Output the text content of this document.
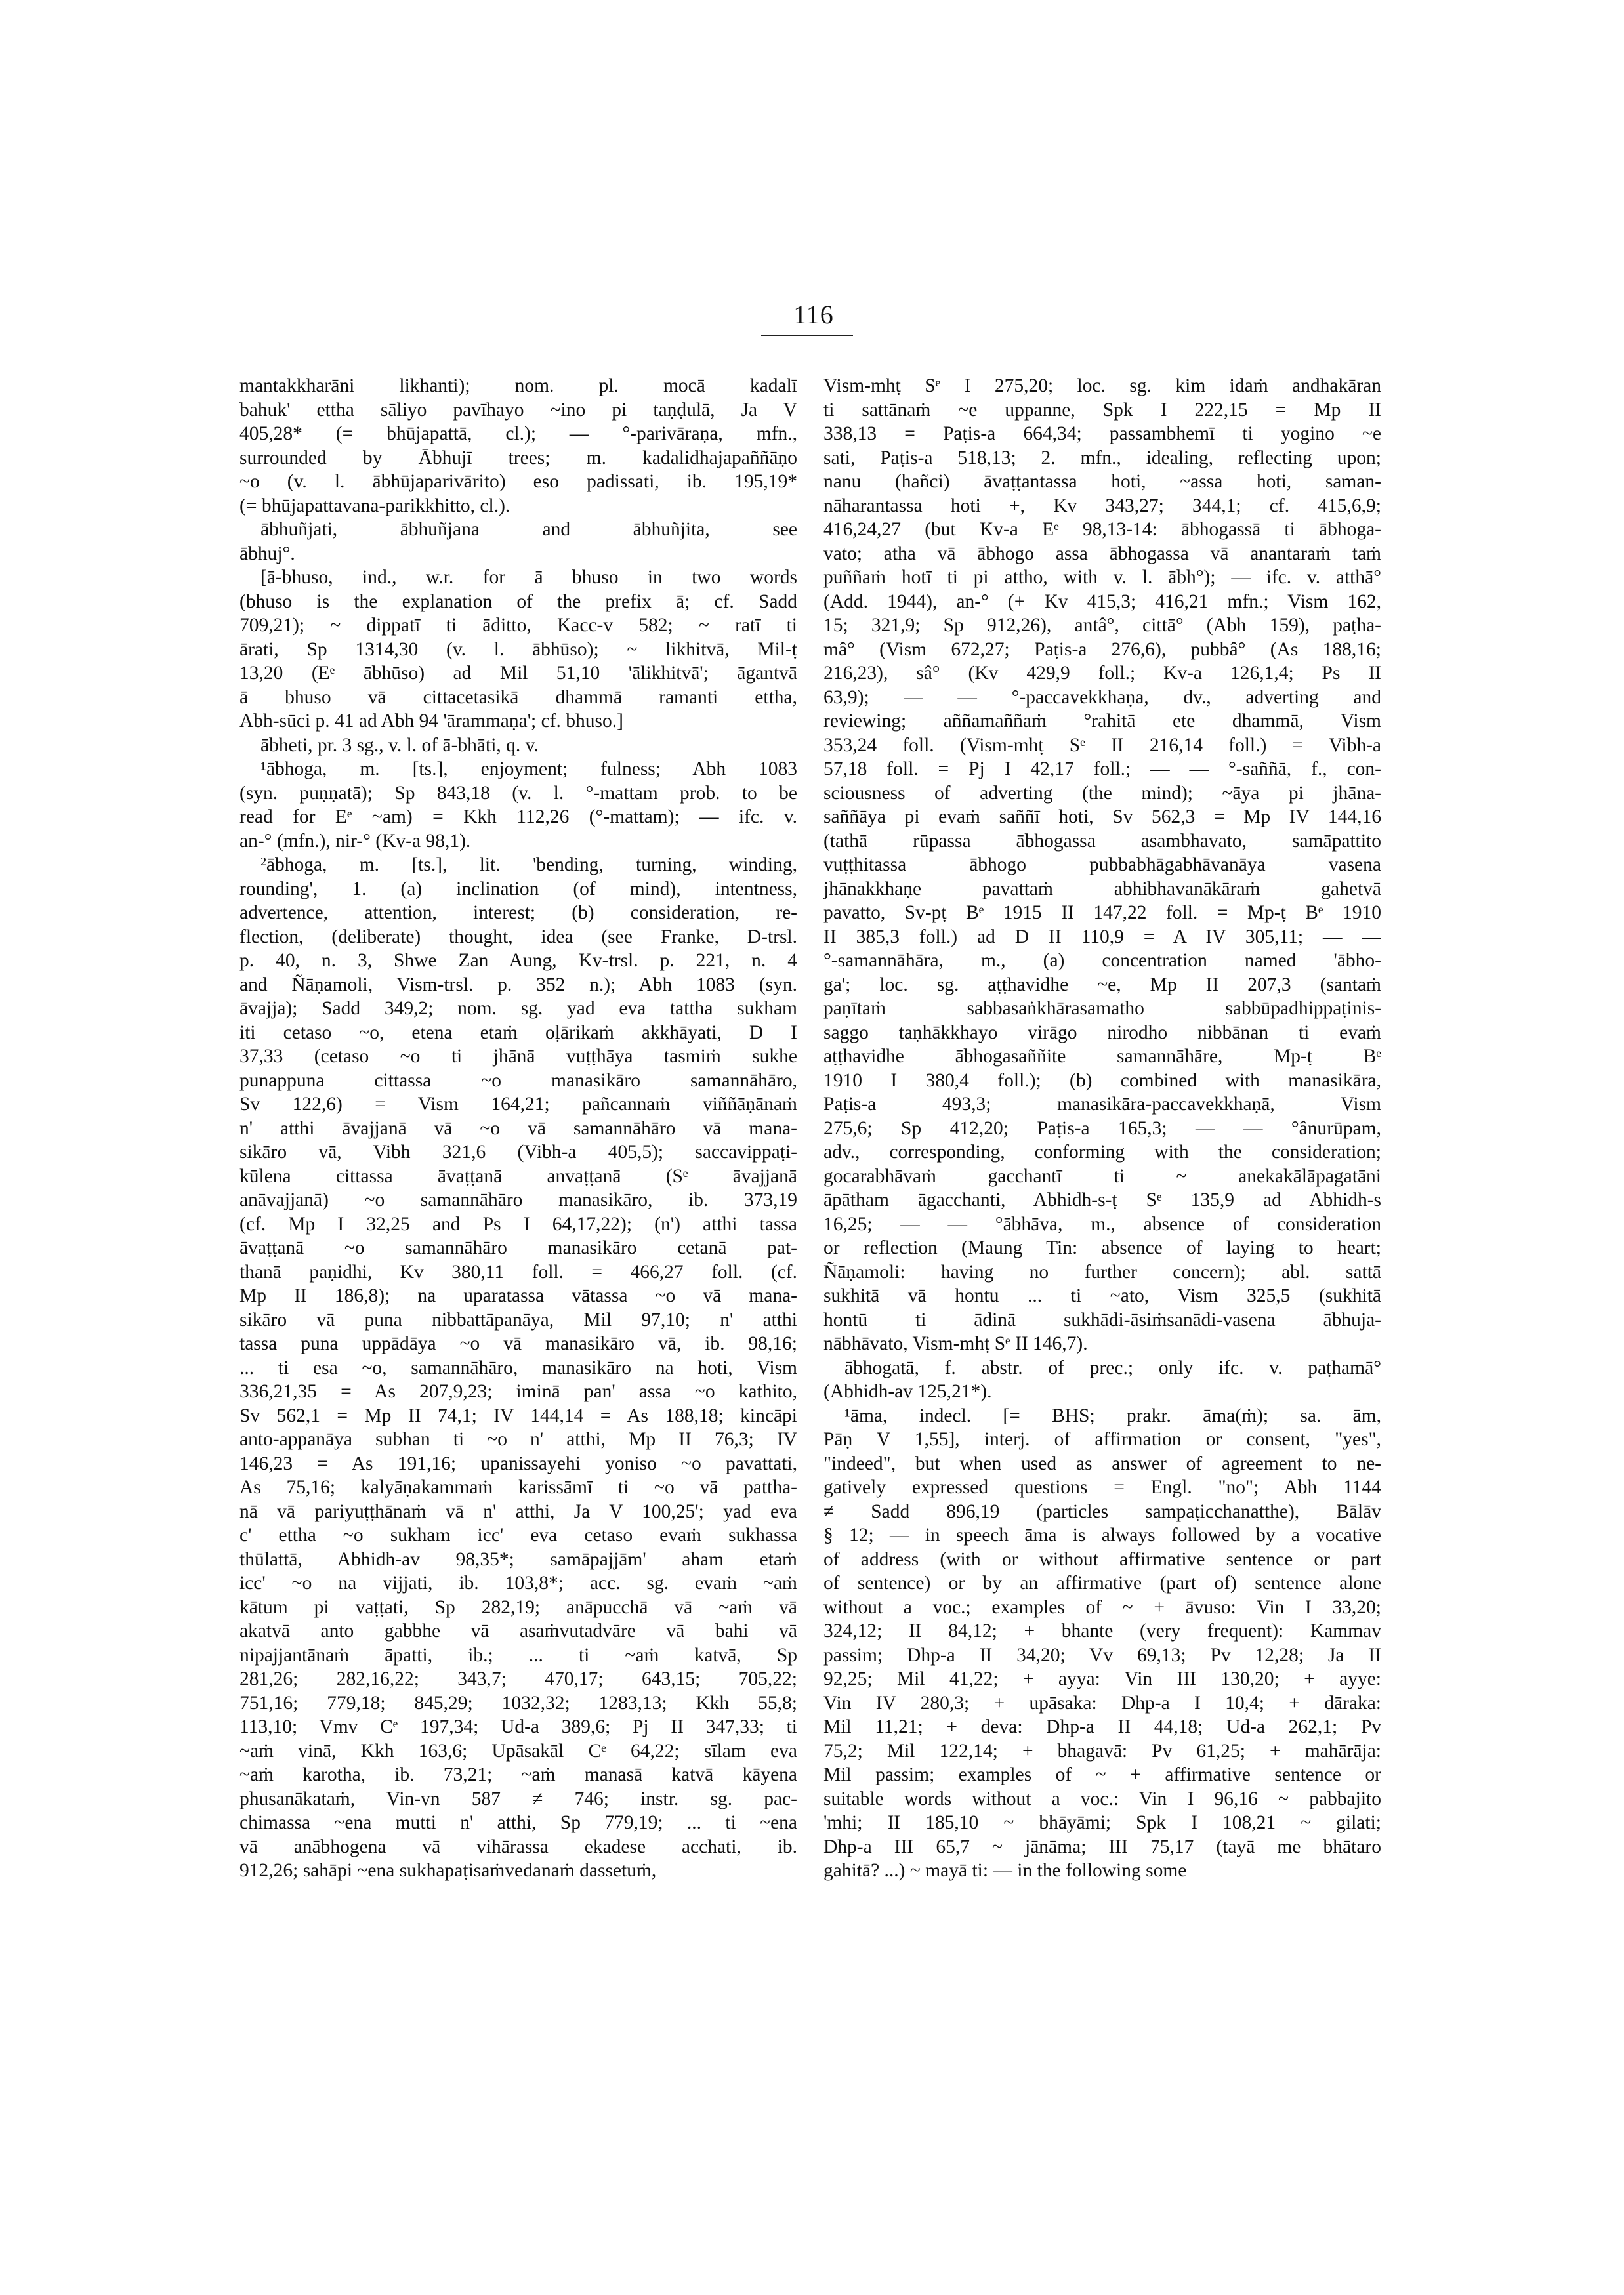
116
mantakkharāni likhanti); nom. pl. mocā kadalī
bahuk' ettha sāliyo pavīhayo ~ino pi taṇḍulā, Ja V
405,28* (= bhūjapattā, cl.); — °-parivāraṇa, mfn.,
surrounded by Ābhujī trees; m. kadalidhajapaññāṇo
~o (v. l. ābhūjaparivārito) eso padissati, ib. 195,19*
(= bhūjapattavana-parikkhitto, cl.).
ābhuñjati, ābhuñjana and ābhuñjita, see
ābhuj°.
[ā-bhuso, ind., w.r. for ā bhuso in two words
(bhuso is the explanation of the prefix ā; cf. Sadd
709,21); ~ dippatī ti āditto, Kacc-v 582; ~ ratī ti
ārati, Sp 1314,30 (v. l. ābhūso); ~ likhitvā, Mil-ṭ
13,20 (Eᵉ ābhūso) ad Mil 51,10 'ālikhitvā'; āgantvā
ā bhuso vā cittacetasikā dhammā ramanti ettha,
Abh-sūci p. 41 ad Abh 94 'ārammaṇa'; cf. bhuso.]
ābheti, pr. 3 sg., v. l. of ā-bhāti, q. v.
¹ābhoga, m. [ts.], enjoyment; fulness; Abh 1083
(syn. puṇṇatā); Sp 843,18 (v. l. °-mattam prob. to be
read for Eᵉ ~am) = Kkh 112,26 (°-mattam); — ifc. v.
an-° (mfn.), nir-° (Kv-a 98,1).
²ābhoga, m. [ts.], lit. 'bending, turning, winding,
rounding', 1. (a) inclination (of mind), intentness,
advertence, attention, interest; (b) consideration, re-
flection, (deliberate) thought, idea (see Franke, D-trsl.
p. 40, n. 3, Shwe Zan Aung, Kv-trsl. p. 221, n. 4
and Ñāṇamoli, Vism-trsl. p. 352 n.); Abh 1083 (syn.
āvajja); Sadd 349,2; nom. sg. yad eva tattha sukham
iti cetaso ~o, etena etaṁ oḷārikaṁ akkhāyati, D I
37,33 (cetaso ~o ti jhānā vuṭṭhāya tasmiṁ sukhe
punappuna cittassa ~o manasikāro samannāhāro,
Sv 122,6) = Vism 164,21; pañcannaṁ viññāṇānaṁ
n' atthi āvajjanā vā ~o vā samannāhāro vā mana-
sikāro vā, Vibh 321,6 (Vibh-a 405,5); saccavippaṭi-
kūlena cittassa āvaṭṭanā anvaṭṭanā (Sᵉ āvajjanā
anāvajjanā) ~o samannāhāro manasikāro, ib. 373,19
(cf. Mp I 32,25 and Ps I 64,17,22); (n') atthi tassa
āvaṭṭanā ~o samannāhāro manasikāro cetanā pat-
thanā paṇidhi, Kv 380,11 foll. = 466,27 foll. (cf.
Mp II 186,8); na uparatassa vātassa ~o vā mana-
sikāro vā puna nibbattāpanāya, Mil 97,10; n' atthi
tassa puna uppādāya ~o vā manasikāro vā, ib. 98,16;
... ti esa ~o, samannāhāro, manasikāro na hoti, Vism
336,21,35 = As 207,9,23; iminā pan' assa ~o kathito,
Sv 562,1 = Mp II 74,1; IV 144,14 = As 188,18; kincāpi
anto-appanāya subhan ti ~o n' atthi, Mp II 76,3; IV
146,23 = As 191,16; upanissayehi yoniso ~o pavattati,
As 75,16; kalyāṇakammaṁ karissāmī ti ~o vā pattha-
nā vā pariyuṭṭhānaṁ vā n' atthi, Ja V 100,25'; yad eva
c' ettha ~o sukham icc' eva cetaso evaṁ sukhassa
thūlattā, Abhidh-av 98,35*; samāpajjām' aham etaṁ
icc' ~o na vijjati, ib. 103,8*; acc. sg. evaṁ ~aṁ
kātum pi vaṭṭati, Sp 282,19; anāpucchā vā ~aṁ vā
akatvā anto gabbhe vā asaṁvutadvāre vā bahi vā
nipajjantānaṁ āpatti, ib.; ... ti ~aṁ katvā, Sp
281,26; 282,16,22; 343,7; 470,17; 643,15; 705,22;
751,16; 779,18; 845,29; 1032,32; 1283,13; Kkh 55,8;
113,10; Vmv Cᵉ 197,34; Ud-a 389,6; Pj II 347,33; ti
~aṁ vinā, Kkh 163,6; Upāsakāl Cᵉ 64,22; sīlam eva
~aṁ karotha, ib. 73,21; ~aṁ manasā katvā kāyena
phusanākataṁ, Vin-vn 587 ≠ 746; instr. sg. pac-
chimassa ~ena mutti n' atthi, Sp 779,19; ... ti ~ena
vā anābhogena vā vihārassa ekadese acchati, ib.
912,26; sahāpi ~ena sukhapaṭisaṁvedanaṁ dassetuṁ,
Vism-mhṭ Sᵉ I 275,20; loc. sg. kim idaṁ andhakāran
ti sattānaṁ ~e uppanne, Spk I 222,15 = Mp II
338,13 = Paṭis-a 664,34; passambhemī ti yogino ~e
sati, Paṭis-a 518,13; 2. mfn., idealing, reflecting upon;
nanu (hañci) āvaṭṭantassa hoti, ~assa hoti, saman-
nāharantassa hoti +, Kv 343,27; 344,1; cf. 415,6,9;
416,24,27 (but Kv-a Eᵉ 98,13-14: ābhogassā ti ābhoga-
vato; atha vā ābhogo assa ābhogassa vā anantaraṁ taṁ
puññaṁ hotī ti pi attho, with v. l. ābh°); — ifc. v. atthā°
(Add. 1944), an-° (+ Kv 415,3; 416,21 mfn.; Vism 162,
15; 321,9; Sp 912,26), antâ°, cittā° (Abh 159), paṭha-
mâ° (Vism 672,27; Paṭis-a 276,6), pubbâ° (As 188,16;
216,23), sâ° (Kv 429,9 foll.; Kv-a 126,1,4; Ps II
63,9); — — °-paccavekkhaṇa, dv., adverting and
reviewing; aññamaññaṁ °rahitā ete dhammā, Vism
353,24 foll. (Vism-mhṭ Sᵉ II 216,14 foll.) = Vibh-a
57,18 foll. = Pj I 42,17 foll.; — — °-saññā, f., con-
sciousness of adverting (the mind); ~āya pi jhāna-
saññāya pi evaṁ saññī hoti, Sv 562,3 = Mp IV 144,16
(tathā rūpassa ābhogassa asambhavato, samāpattito
vuṭṭhitassa ābhogo pubbabhāgabhāvanāya vasena
jhānakkhaṇe pavattaṁ abhibhavanākāraṁ gahetvā
pavatto, Sv-pṭ Bᵉ 1915 II 147,22 foll. = Mp-ṭ Bᵉ 1910
II 385,3 foll.) ad D II 110,9 = A IV 305,11; — —
°-samannāhāra, m., (a) concentration named 'ābho-
ga'; loc. sg. aṭṭhavidhe ~e, Mp II 207,3 (santaṁ
paṇītaṁ sabbasaṅkhārasamatho sabbūpadhippaṭinis-
saggo taṇhākkhayo virāgo nirodho nibbānan ti evaṁ
aṭṭhavidhe ābhogasaññite samannāhāre, Mp-ṭ Bᵉ
1910 I 380,4 foll.); (b) combined with manasikāra,
Paṭis-a 493,3; manasikāra-paccavekkhaṇā, Vism
275,6; Sp 412,20; Paṭis-a 165,3; — — °ânurūpam,
adv., corresponding, conforming with the consideration;
gocarabhāvaṁ gacchantī ti ~ anekakālāpagatāni
āpātham āgacchanti, Abhidh-s-ṭ Sᵉ 135,9 ad Abhidh-s
16,25; — — °ābhāva, m., absence of consideration
or reflection (Maung Tin: absence of laying to heart;
Ñāṇamoli: having no further concern); abl. sattā
sukhitā vā hontu ... ti ~ato, Vism 325,5 (sukhitā
hontū ti ādinā sukhādi-āsiṁsanādi-vasena ābhuja-
nābhāvato, Vism-mhṭ Sᵉ II 146,7).
ābhogatā, f. abstr. of prec.; only ifc. v. paṭhamā°
(Abhidh-av 125,21*).
¹āma, indecl. [= BHS; prakr. āma(ṁ); sa. ām,
Pāṇ V 1,55], interj. of affirmation or consent, "yes",
"indeed", but when used as answer of agreement to ne-
gatively expressed questions = Engl. "no"; Abh 1144
≠ Sadd 896,19 (particles sampaṭicchanatthe), Bālāv
§ 12; — in speech āma is always followed by a vocative
of address (with or without affirmative sentence or part
of sentence) or by an affirmative (part of) sentence alone
without a voc.; examples of ~ + āvuso: Vin I 33,20;
324,12; II 84,12; + bhante (very frequent): Kammav
passim; Dhp-a II 34,20; Vv 69,13; Pv 12,28; Ja II
92,25; Mil 41,22; + ayya: Vin III 130,20; + ayye:
Vin IV 280,3; + upāsaka: Dhp-a I 10,4; + dāraka:
Mil 11,21; + deva: Dhp-a II 44,18; Ud-a 262,1; Pv
75,2; Mil 122,14; + bhagavā: Pv 61,25; + mahārāja:
Mil passim; examples of ~ + affirmative sentence or
suitable words without a voc.: Vin I 96,16 ~ pabbajito
'mhi; II 185,10 ~ bhāyāmi; Spk I 108,21 ~ gilati;
Dhp-a III 65,7 ~ jānāma; III 75,17 (tayā me bhātaro
gahitā? ...) ~ mayā ti: — in the following some
